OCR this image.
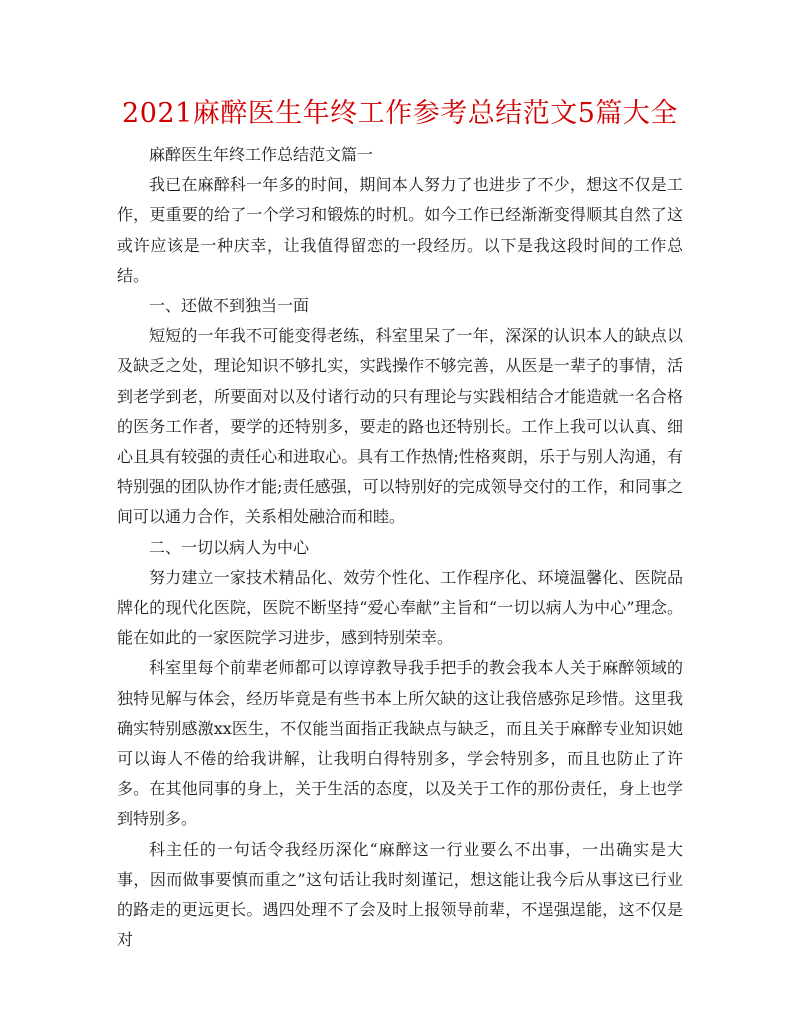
2021麻醉医生年终工作参考总结范文5篇大全

麻醉医生年终工作总结范文篇一

我已在麻醉科一年多的时间，期间本人努力了也进步了不少，想这不仅是工作，更重要的给了一个学习和锻炼的时机。如今工作已经渐渐变得顺其自然了这或许应该是一种庆幸，让我值得留恋的一段经历。以下是我这段时间的工作总结。

一、还做不到独当一面

短短的一年我不可能变得老练，科室里呆了一年，深深的认识本人的缺点以及缺乏之处，理论知识不够扎实，实践操作不够完善，从医是一辈子的事情，活到老学到老，所要面对以及付诸行动的只有理论与实践相结合才能造就一名合格的医务工作者，要学的还特别多，要走的路也还特别长。工作上我可以认真、细心且具有较强的责任心和进取心。具有工作热情;性格爽朗，乐于与别人沟通，有特别强的团队协作才能;责任感强，可以特别好的完成领导交付的工作，和同事之间可以通力合作，关系相处融洽而和睦。

二、一切以病人为中心

努力建立一家技术精品化、效劳个性化、工作程序化、环境温馨化、医院品牌化的现代化医院，医院不断坚持“爱心奉献”主旨和“一切以病人为中心”理念。能在如此的一家医院学习进步，感到特别荣幸。

科室里每个前辈老师都可以谆谆教导我手把手的教会我本人关于麻醉领域的独特见解与体会，经历毕竟是有些书本上所欠缺的这让我倍感弥足珍惜。这里我确实特别感激xx医生，不仅能当面指正我缺点与缺乏，而且关于麻醉专业知识她可以诲人不倦的给我讲解，让我明白得特别多，学会特别多，而且也防止了许多。在其他同事的身上，关于生活的态度，以及关于工作的那份责任，身上也学到特别多。

科主任的一句话令我经历深化“麻醉这一行业要么不出事，一出确实是大事，因而做事要慎而重之”这句话让我时刻谨记，想这能让我今后从事这已行业的路走的更远更长。遇四处理不了会及时上报领导前辈，不逞强逞能，这不仅是对
